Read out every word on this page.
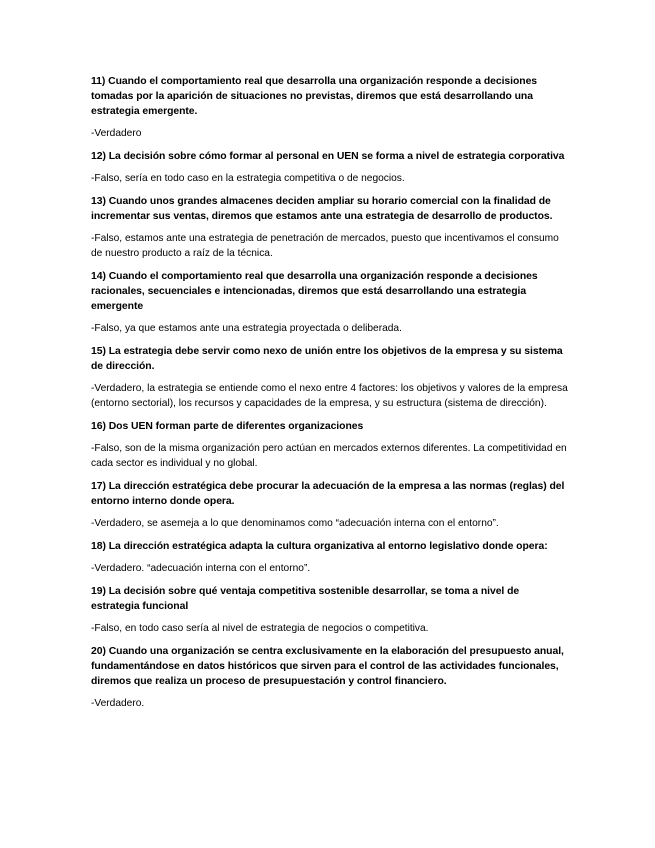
11) Cuando el comportamiento real que desarrolla una organización responde a decisiones tomadas por la aparición de situaciones no previstas, diremos que está desarrollando una estrategia emergente.

-Verdadero

12) La decisión sobre cómo formar al personal en UEN se forma a nivel de estrategia corporativa

-Falso, sería en todo caso en la estrategia competitiva o de negocios.

13) Cuando unos grandes almacenes deciden ampliar su horario comercial con la finalidad de incrementar sus ventas, diremos que estamos ante una estrategia de desarrollo de productos.

-Falso, estamos ante una estrategia de penetración de mercados, puesto que incentivamos el consumo de nuestro producto a raíz de la técnica.

14) Cuando el comportamiento real que desarrolla una organización responde a decisiones racionales, secuenciales e intencionadas, diremos que está desarrollando una estrategia emergente

-Falso, ya que estamos ante una estrategia proyectada o deliberada.

15) La estrategia debe servir como nexo de unión entre los objetivos de la empresa y su sistema de dirección.

-Verdadero, la estrategia se entiende como el nexo entre 4 factores: los objetivos y valores de la empresa (entorno sectorial), los recursos y capacidades de la empresa, y su estructura (sistema de dirección).

16) Dos UEN forman parte de diferentes organizaciones

-Falso, son de la misma organización pero actúan en mercados externos diferentes. La competitividad en cada sector es individual y no global.

17) La dirección estratégica debe procurar la adecuación de la empresa a las normas (reglas) del entorno interno donde opera.

-Verdadero, se asemeja a lo que denominamos como “adecuación interna con el entorno”.

18) La dirección estratégica adapta la cultura organizativa al entorno legislativo donde opera:

-Verdadero. “adecuación interna con el entorno”.

19) La decisión sobre qué ventaja competitiva sostenible desarrollar, se toma a nivel de estrategia funcional

-Falso, en todo caso sería al nivel de estrategia de negocios o competitiva.

20) Cuando una organización se centra exclusivamente en la elaboración del presupuesto anual, fundamentándose en datos históricos que sirven para el control de las actividades funcionales, diremos que realiza un proceso de presupuestación y control financiero.

-Verdadero.
